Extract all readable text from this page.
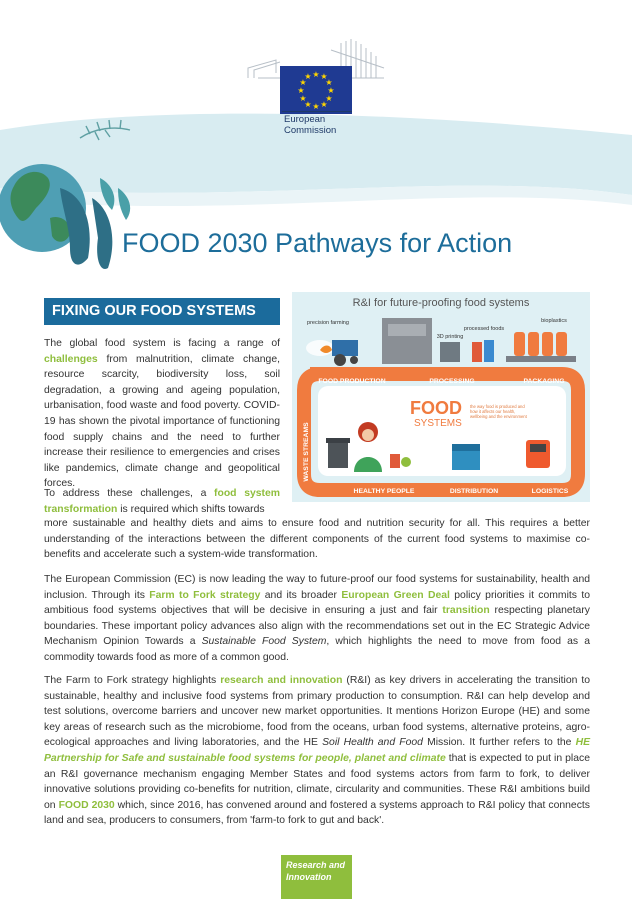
★ ★
★
★
★
★
★
★
★
★
★
★
European
Commission
FOOD 2030 Pathways for Action
FIXING OUR FOOD SYSTEMS
The global food system is facing a range of challenges from malnutrition, climate change, resource scarcity, biodiversity loss, soil degradation, a growing and ageing population, urbanisation, food waste and food poverty. COVID-19 has shown the pivotal importance of functioning food supply chains and the need to further increase their resilience to emergencies and crises like pandemics, climate change and geopolitical forces.
To address these challenges, a food system transformation is required which shifts towards
more sustainable and healthy diets and aims to ensure food and nutrition security for all. This requires a better understanding of the interactions between the different components of the current food systems to maximise co-benefits and accelerate such a system-wide transformation.
The European Commission (EC) is now leading the way to future-proof our food systems for sustainability, health and inclusion. Through its Farm to Fork strategy and its broader European Green Deal policy priorities it commits to ambitious food systems objectives that will be decisive in ensuring a just and fair transition respecting planetary boundaries. These important policy advances also align with the recommendations set out in the EC Strategic Advice Mechanism Opinion Towards a Sustainable Food System, which highlights the need to move from food as a commodity towards food as more of a common good.
The Farm to Fork strategy highlights research and innovation (R&I) as key drivers in accelerating the transition to sustainable, healthy and inclusive food systems from primary production to consumption. R&I can help develop and test solutions, overcome barriers and uncover new market opportunities. It mentions Horizon Europe (HE) and some key areas of research such as the microbiome, food from the oceans, urban food systems, alternative proteins, agro-ecological approaches and living laboratories, and the HE Soil Health and Food Mission. It further refers to the HE Partnership for Safe and sustainable food systems for people, planet and climate that is expected to put in place an R&I governance mechanism engaging Member States and food systems actors from farm to fork, to deliver innovative solutions providing co-benefits for nutrition, climate, circularity and communities. These R&I ambitions build on FOOD 2030 which, since 2016, has convened around and fostered a systems approach to R&I policy that connects land and sea, producers to consumers, from 'farm-to fork to gut and back'.
R&I for future-proofing food systems
precision farming
3D printing
processed foods
bioplastics
FOOD PRODUCTION	PROCESSING	PACKAGING
HEALTHY PEOPLE	DISTRIBUTION	LOGISTICS
WASTE STREAMS
FOOD
SYSTEMS
the way food is produced and
how it affects our health,
wellbeing and the environment
Research and
Innovation
